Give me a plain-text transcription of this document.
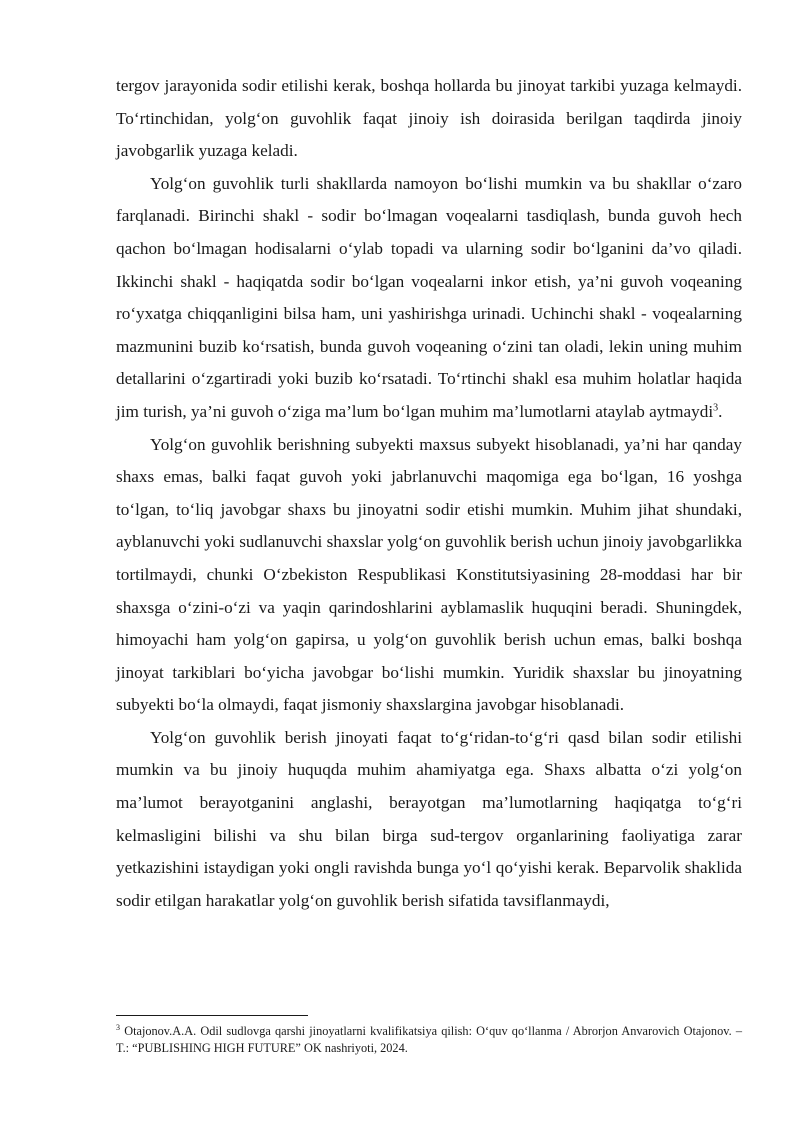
tergov jarayonida sodir etilishi kerak, boshqa hollarda bu jinoyat tarkibi yuzaga kelmaydi. To‘rtinchidan, yolg‘on guvohlik faqat jinoiy ish doirasida berilgan taqdirda jinoiy javobgarlik yuzaga keladi.

Yolg‘on guvohlik turli shakllarda namoyon bo‘lishi mumkin va bu shakllar o‘zaro farqlanadi. Birinchi shakl - sodir bo‘lmagan voqealarni tasdiqlash, bunda guvoh hech qachon bo‘lmagan hodisalarni o‘ylab topadi va ularning sodir bo‘lganini da’vo qiladi. Ikkinchi shakl - haqiqatda sodir bo‘lgan voqealarni inkor etish, ya’ni guvoh voqeaning ro‘yxatga chiqqanligini bilsa ham, uni yashirishga urinadi. Uchinchi shakl - voqealarning mazmunini buzib ko‘rsatish, bunda guvoh voqeaning o‘zini tan oladi, lekin uning muhim detallarini o‘zgartiradi yoki buzib ko‘rsatadi. To‘rtinchi shakl esa muhim holatlar haqida jim turish, ya’ni guvoh o‘ziga ma’lum bo‘lgan muhim ma’lumotlarni ataylab aytmaydi$^3$.

Yolg‘on guvohlik berishning subyekti maxsus subyekt hisoblanadi, ya’ni har qanday shaxs emas, balki faqat guvoh yoki jabrlanuvchi maqomiga ega bo‘lgan, 16 yoshga to‘lgan, to‘liq javobgar shaxs bu jinoyatni sodir etishi mumkin. Muhim jihat shundaki, ayblanuvchi yoki sudlanuvchi shaxslar yolg‘on guvohlik berish uchun jinoiy javobgarlikka tortilmaydi, chunki O‘zbekiston Respublikasi Konstitutsiyasining 28-moddasi har bir shaxsga o‘zini-o‘zi va yaqin qarindoshlarini ayblamaslik huquqini beradi. Shuningdek, himoyachi ham yolg‘on gapirsa, u yolg‘on guvohlik berish uchun emas, balki boshqa jinoyat tarkiblari bo‘yicha javobgar bo‘lishi mumkin. Yuridik shaxslar bu jinoyatning subyekti bo‘la olmaydi, faqat jismoniy shaxslargina javobgar hisoblanadi.

Yolg‘on guvohlik berish jinoyati faqat to‘g‘ridan-to‘g‘ri qasd bilan sodir etilishi mumkin va bu jinoiy huquqda muhim ahamiyatga ega. Shaxs albatta o‘zi yolg‘on ma’lumot berayotganini anglashi, berayotgan ma’lumotlarning haqiqatga to‘g‘ri kelmasligini bilishi va shu bilan birga sud-tergov organlarining faoliyatiga zarar yetkazishini istaydigan yoki ongli ravishda bunga yo‘l qo‘yishi kerak. Beparvolik shaklida sodir etilgan harakatlar yolg‘on guvohlik berish sifatida tavsiflanmaydi,

$^3$ Otajonov.A.A. Odil sudlovga qarshi jinoyatlarni kvalifikatsiya qilish: O‘quv qo‘llanma / Abrorjon Anvarovich Otajonov. – T.: “PUBLISHING HIGH FUTURE” OK nashriyoti, 2024.
